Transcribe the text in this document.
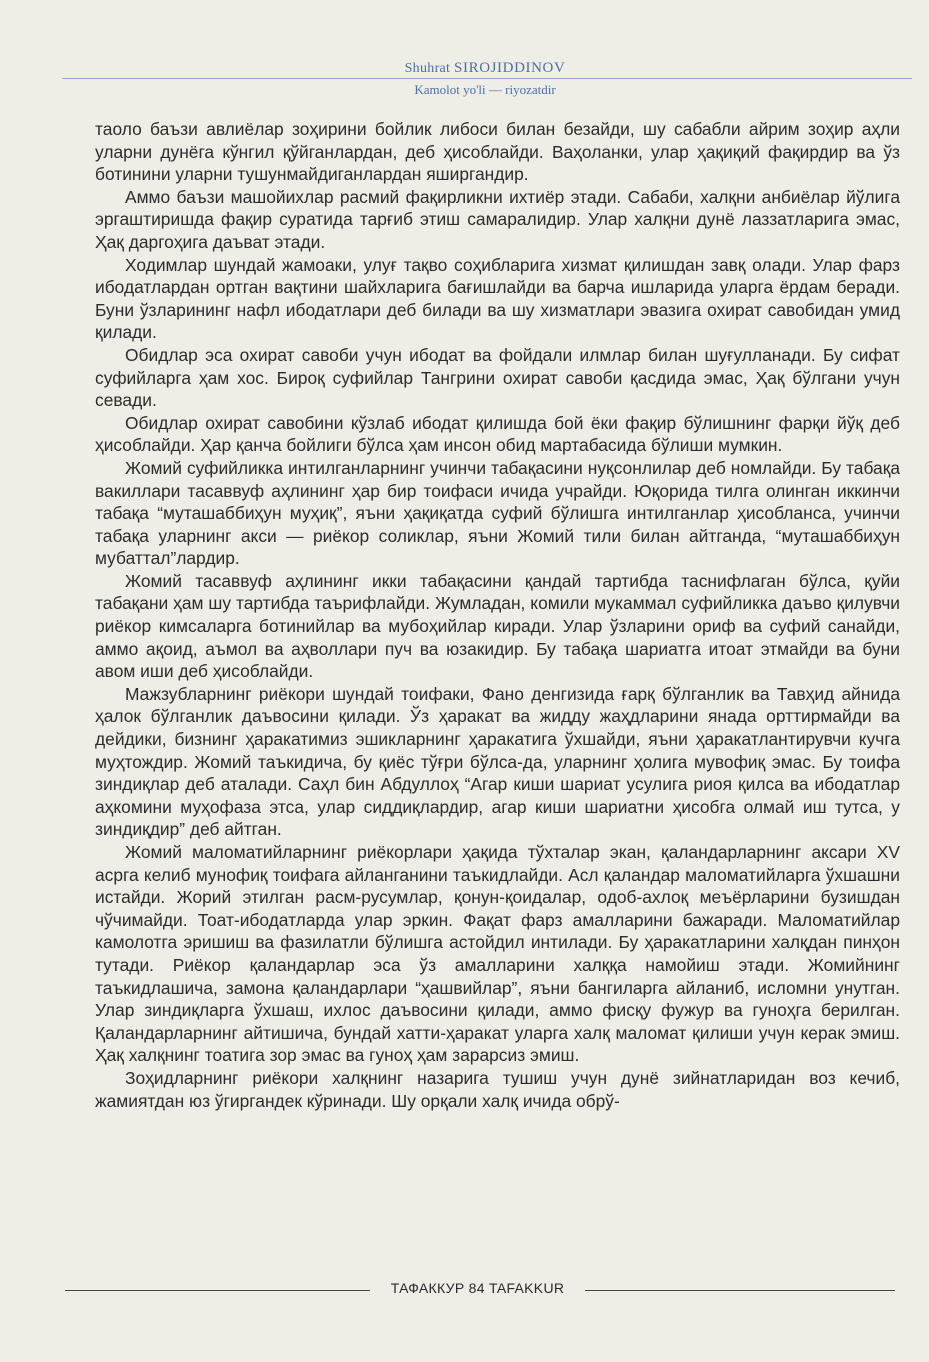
Shuhrat SIROJIDDINOV
Kamolot yo'li — riyozatdir

таоло баъзи авлиёлар зоҳирини бойлик либоси билан безайди, шу сабабли айрим зоҳир аҳли уларни дунёга кўнгил қўйганлардан, деб ҳисоблайди. Ваҳоланки, улар ҳақиқий фақирдир ва ўз ботинини уларни тушунмайдиганлардан яширгандир.

Аммо баъзи машойихлар расмий фақирликни ихтиёр этади. Сабаби, халқни анбиёлар йўлига эргаштиришда фақир суратида тарғиб этиш самаралидир. Улар халқни дунё лаззатларига эмас, Ҳақ даргоҳига даъват этади.

Ходимлар шундай жамоаки, улуғ тақво соҳибларига хизмат қилишдан завқ олади. Улар фарз ибодатлардан ортган вақтини шайхларига бағишлайди ва барча ишларида уларга ёрдам беради. Буни ўзларининг нафл ибодатлари деб билади ва шу хизматлари эвазига охират савобидан умид қилади.

Обидлар эса охират савоби учун ибодат ва фойдали илмлар билан шуғулланади. Бу сифат суфийларга ҳам хос. Бироқ суфийлар Тангрини охират савоби қасдида эмас, Ҳақ бўлгани учун севади.

Обидлар охират савобини кўзлаб ибодат қилишда бой ёки фақир бўлишнинг фарқи йўқ деб ҳисоблайди. Ҳар қанча бойлиги бўлса ҳам инсон обид мартабасида бўлиши мумкин.

Жомий суфийликка интилганларнинг учинчи табақасини нуқсонлилар деб номлайди. Бу табақа вакиллари тасаввуф аҳлининг ҳар бир тоифаси ичида учрайди. Юқорида тилга олинган иккинчи табақа “муташаббиҳун муҳиқ”, яъни ҳақиқатда суфий бўлишга интилганлар ҳисобланса, учинчи табақа уларнинг акси — риёкор соликлар, яъни Жомий тили билан айтганда, “муташаббиҳун мубаттал”лардир.

Жомий тасаввуф аҳлининг икки табақасини қандай тартибда таснифлаган бўлса, қуйи табақани ҳам шу тартибда таърифлайди. Жумладан, комили мукаммал суфийликка даъво қилувчи риёкор кимсаларга ботинийлар ва мубоҳийлар киради. Улар ўзларини ориф ва суфий санайди, аммо ақоид, аъмол ва аҳволлари пуч ва юзакидир. Бу табақа шариатга итоат этмайди ва буни авом иши деб ҳисоблайди.

Мажзубларнинг риёкори шундай тоифаки, Фано денгизида ғарқ бўлганлик ва Тавҳид айнида ҳалок бўлганлик даъвосини қилади. Ўз ҳаракат ва жидду жаҳдларини янада орттирмайди ва дейдики, бизнинг ҳаракатимиз эшикларнинг ҳаракатига ўхшайди, яъни ҳаракатлантирувчи кучга муҳтождир. Жомий таъкидича, бу қиёс тўғри бўлса-да, уларнинг ҳолига мувофиқ эмас. Бу тоифа зиндиқлар деб аталади. Саҳл бин Абдуллоҳ “Агар киши шариат усулига риоя қилса ва ибодатлар аҳкомини муҳофаза этса, улар сиддиқлардир, агар киши шариатни ҳисобга олмай иш тутса, у зиндиқдир” деб айтган.

Жомий маломатийларнинг риёкорлари ҳақида тўхталар экан, қаландарларнинг аксари XV асрга келиб мунофиқ тоифага айланганини таъкидлайди. Асл қаландар маломатийларга ўхшашни истайди. Жорий этилган расм-русумлар, қонун-қоидалар, одоб-ахлоқ меъёрларини бузишдан чўчимайди. Тоат-ибодатларда улар эркин. Фақат фарз амалларини бажаради. Маломатийлар камолотга эришиш ва фазилатли бўлишга астойдил интилади. Бу ҳаракатларини халқдан пинҳон тутади. Риёкор қаландарлар эса ўз амалларини халққа намойиш этади. Жомийнинг таъкидлашича, замона қаландарлари “ҳашвийлар”, яъни бангиларга айланиб, исломни унутган. Улар зиндиқларга ўхшаш, ихлос даъвосини қилади, аммо фисқу фужур ва гуноҳга берилган. Қаландарларнинг айтишича, бундай хатти-ҳаракат уларга халқ маломат қилиши учун керак эмиш. Ҳақ халқнинг тоатига зор эмас ва гуноҳ ҳам зарарсиз эмиш.

Зоҳидларнинг риёкори халқнинг назарига тушиш учун дунё зийнатларидан воз кечиб, жамиятдан юз ўгиргандек кўринади. Шу орқали халқ ичида обрў-

ТАФАККУР 84 TAFAKKUR
